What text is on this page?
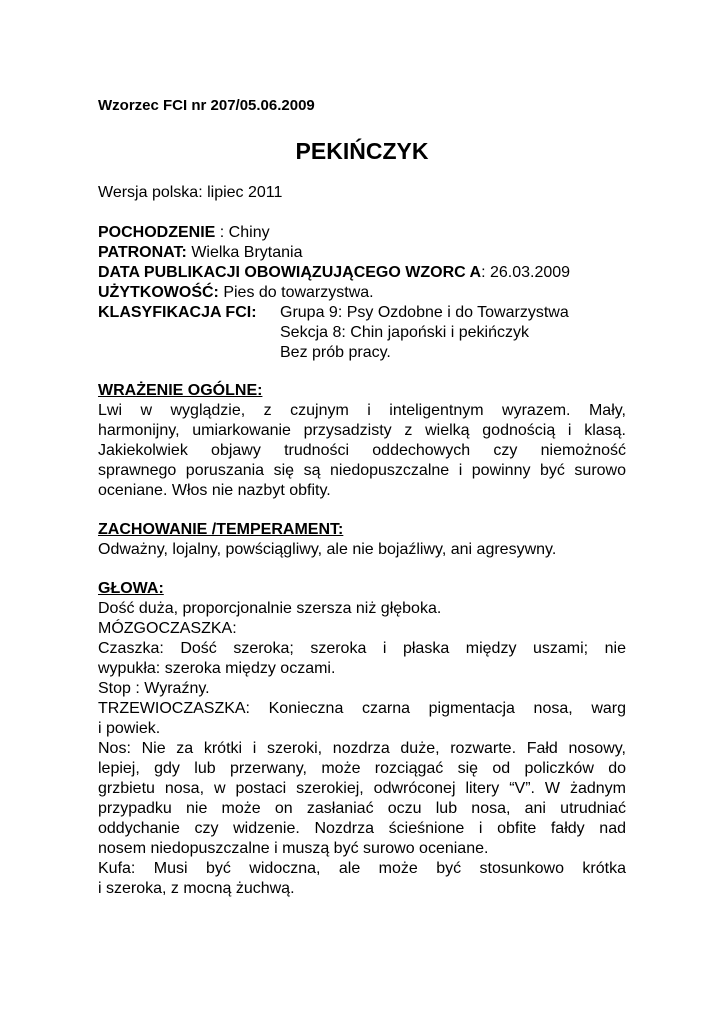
Wzorzec FCI nr 207/05.06.2009
PEKIŃCZYK
Wersja polska: lipiec 2011
POCHODZENIE : Chiny
PATRONAT: Wielka Brytania
DATA PUBLIKACJI OBOWIĄZUJĄCEGO WZORC A: 26.03.2009
UŻYTKOWOŚĆ: Pies do towarzystwa.
KLASYFIKACJA FCI: Grupa 9: Psy Ozdobne i do Towarzystwa
Sekcja 8: Chin japoński i pekińczyk
Bez prób pracy.
WRAŻENIE OGÓLNE:
Lwi w wyglądzie, z czujnym i inteligentnym wyrazem. Mały,
harmonijny, umiarkowanie przysadzisty z wielką godnością i klasą.
Jakiekolwiek objawy trudności oddechowych czy niemożność
sprawnego poruszania się są niedopuszczalne i powinny być surowo
oceniane. Włos nie nazbyt obfity.
ZACHOWANIE /TEMPERAMENT:
Odważny, lojalny, powściągliwy, ale nie bojaźliwy, ani agresywny.
GŁOWA:
Dość duża, proporcjonalnie szersza niż głęboka.
MÓZGOCZASZKA:
Czaszka: Dość szeroka; szeroka i płaska między uszami; nie
wypukła: szeroka między oczami.
Stop : Wyraźny.
TRZEWIOCZASZKA: Konieczna czarna pigmentacja nosa, warg
i powiek.
Nos: Nie za krótki i szeroki, nozdrza duże, rozwarte. Fałd nosowy,
lepiej, gdy lub przerwany, może rozciągać się od policzków do
grzbietu nosa, w postaci szerokiej, odwróconej litery “V”. W żadnym
przypadku nie może on zasłaniać oczu lub nosa, ani utrudniać
oddychanie czy widzenie. Nozdrza ścieśnione i obfite fałdy nad
nosem niedopuszczalne i muszą być surowo oceniane.
Kufa: Musi być widoczna, ale może być stosunkowo krótka
i szeroka, z mocną żuchwą.
